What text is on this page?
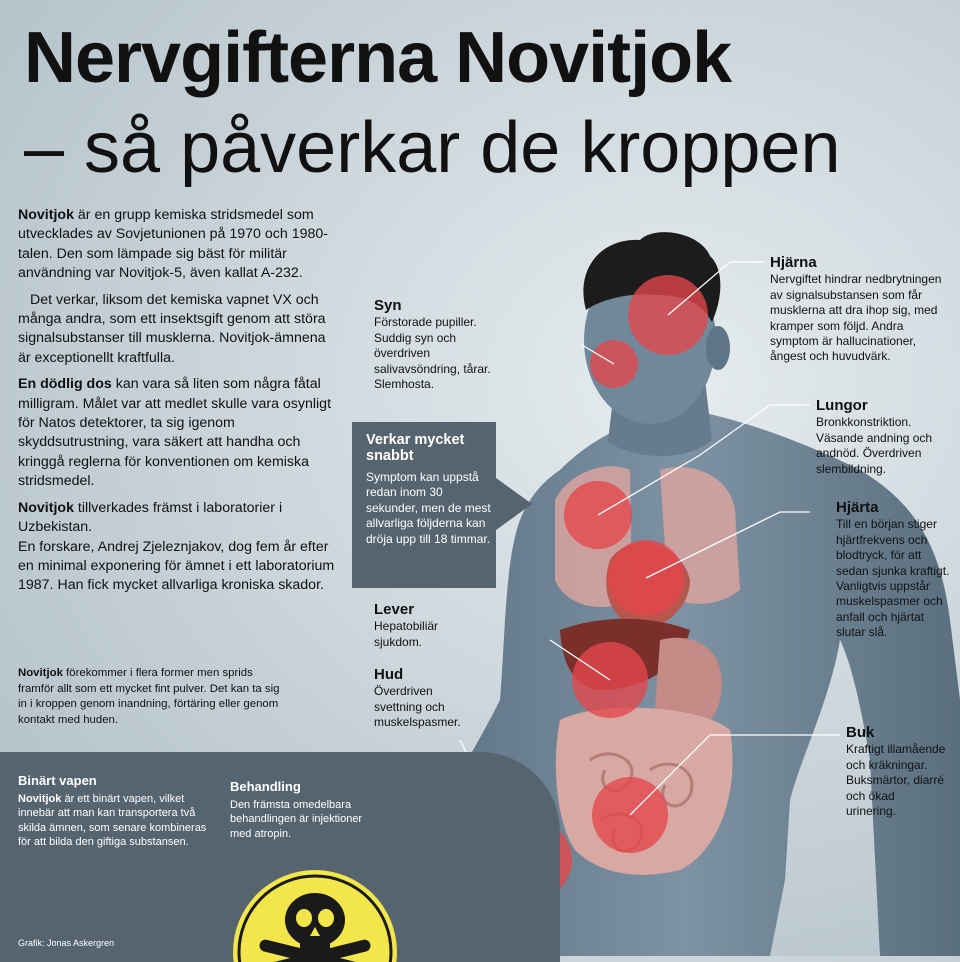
Nervgifterna Novitjok
– så påverkar de kroppen

Novitjok är en grupp kemiska stridsmedel som utvecklades av Sovjetunionen på 1970 och 1980-talen. Den som lämpade sig bäst för militär användning var Novitjok-5, även kallat A-232.

Det verkar, liksom det kemiska vapnet VX och många andra, som ett insektsgift genom att störa signalsubstanser till musklerna. Novitjok-ämnena är exceptionellt kraftfulla.

En dödlig dos kan vara så liten som några fåtal milligram. Målet var att medlet skulle vara osynligt för Natos detektorer, ta sig igenom skyddsutrustning, vara säkert att handha och kringgå reglerna för konventionen om kemiska stridsmedel.

Novitjok tillverkades främst i laboratorier i Uzbekistan.

En forskare, Andrej Zjeleznjakov, dog fem år efter en minimal exponering för ämnet i ett laboratorium 1987. Han fick mycket allvarliga kroniska skador.

Novitjok förekommer i flera former men sprids framför allt som ett mycket fint pulver. Det kan ta sig in i kroppen genom inandning, förtäring eller genom kontakt med huden.
Syn
Förstorade pupiller. Suddig syn och överdriven salivavsöndring, tårar. Slemhosta.
Hjärna
Nervgiftet hindrar nedbrytningen av signalsubstansen som får musklerna att dra ihop sig, med kramper som följd. Andra symptom är hallucinationer, ångest och huvudvärk.
Lungor
Bronkkonstriktion. Väsande andning och andnöd. Överdriven slembildning.
Hjärta
Till en början stiger hjärtfrekvens och blodtryck, för att sedan sjunka kraftigt. Vanligtvis uppstår muskelspasmer och anfall och hjärtat slutar slå.
Lever
Hepatobiliär sjukdom.
Hud
Överdriven svettning och muskelspasmer.
Buk
Kraftigt illamående och kräkningar. Buksmärtor, diarré och ökad urinering.
Verkar mycket snabbt
Symptom kan uppstå redan inom 30 sekunder, men de mest allvarliga följderna kan dröja upp till 18 timmar.
Binärt vapen
Novitjok är ett binärt vapen, vilket innebär att man kan transportera två skilda ämnen, som senare kombineras för att bilda den giftiga substansen.
Behandling
Den främsta omedelbara behandlingen är injektioner med atropin.
Grafik: Jonas Askergren
